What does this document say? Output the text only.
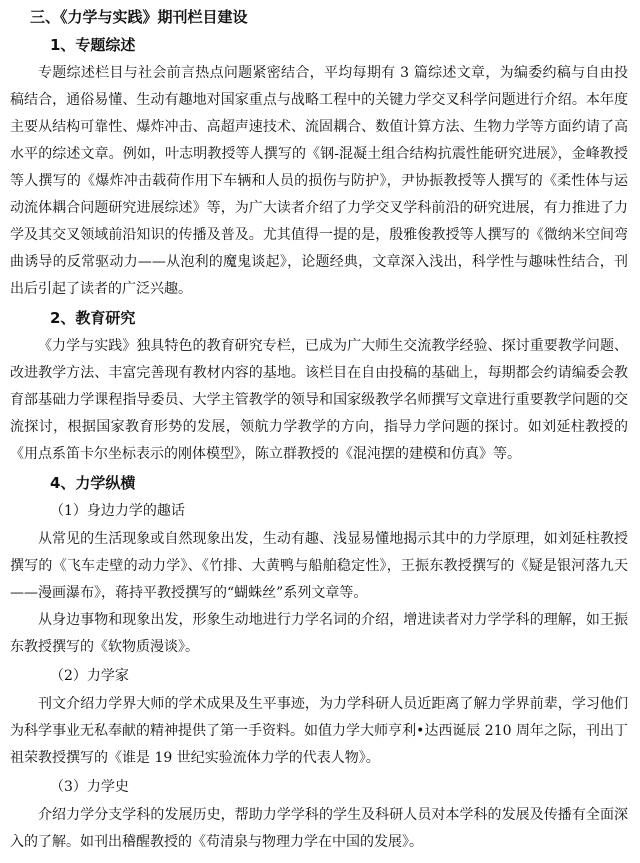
三、《力学与实践》期刊栏目建设
1、专题综述

专题综述栏目与社会前言热点问题紧密结合，平均每期有 3 篇综述文章，为编委约稿与自由投稿结合，通俗易懂、生动有趣地对国家重点与战略工程中的关键力学交叉科学问题进行介绍。本年度主要从结构可靠性、爆炸冲击、高超声速技术、流固耦合、数值计算方法、生物力学等方面约请了高水平的综述文章。例如，叶志明教授等人撰写的《钢-混凝土组合结构抗震性能研究进展》，金峰教授等人撰写的《爆炸冲击载荷作用下车辆和人员的损伤与防护》，尹协振教授等人撰写的《柔性体与运动流体耦合问题研究进展综述》等，为广大读者介绍了力学交叉学科前沿的研究进展，有力推进了力学及其交叉领域前沿知识的传播及普及。尤其值得一提的是，殷雅俊教授等人撰写的《微纳米空间弯曲诱导的反常驱动力——从泡利的魔鬼谈起》，论题经典，文章深入浅出，科学性与趣味性结合，刊出后引起了读者的广泛兴趣。

2、教育研究

《力学与实践》独具特色的教育研究专栏，已成为广大师生交流教学经验、探讨重要教学问题、改进教学方法、丰富完善现有教材内容的基地。该栏目在自由投稿的基础上，每期都会约请编委会教育部基础力学课程指导委员、大学主管教学的领导和国家级教学名师撰写文章进行重要教学问题的交流探讨，根据国家教育形势的发展，领航力学教学的方向，指导力学问题的探讨。如刘延柱教授的《用点系笛卡尔坐标表示的刚体模型》，陈立群教授的《混沌摆的建模和仿真》等。

4、力学纵横
（1）身边力学的趣话

从常见的生活现象或自然现象出发，生动有趣、浅显易懂地揭示其中的力学原理，如刘延柱教授撰写的《飞车走壁的动力学》、《竹排、大黄鸭与船舶稳定性》，王振东教授撰写的《疑是银河落九天——漫画瀑布》，蒋持平教授撰写的“蝴蛛丝”系列文章等。

从身边事物和现象出发，形象生动地进行力学名词的介绍，增进读者对力学学科的理解，如王振东教授撰写的《软物质漫谈》。

（2）力学家

刊文介绍力学界大师的学术成果及生平事迹，为力学科研人员近距离了解力学界前辈，学习他们为科学事业无私奉献的精神提供了第一手资料。如值力学大师亨利•达西诞辰 210 周年之际，刊出丁祖荣教授撰写的《谁是 19 世纪实验流体力学的代表人物》。

（3）力学史

介绍力学分支学科的发展历史，帮助力学学科的学生及科研人员对本学科的发展及传播有全面深入的了解。如刊出稽醒教授的《苟清泉与物理力学在中国的发展》。
